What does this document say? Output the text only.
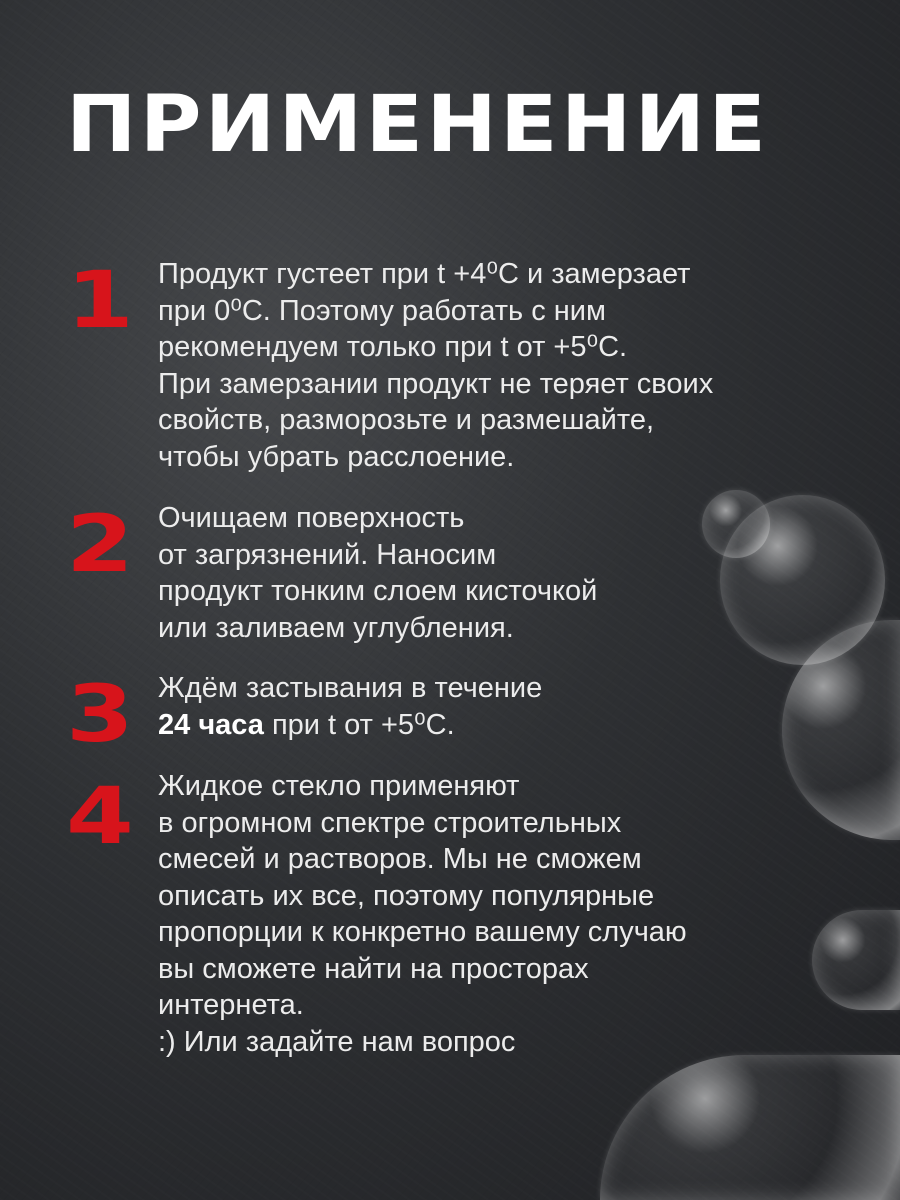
ПРИМЕНЕНИЕ
1 Продукт густеет при t +4⁰С и замерзает
при 0⁰С. Поэтому работать с ним
рекомендуем только при t от +5⁰С.
При замерзании продукт не теряет своих
свойств, разморозьте и размешайте,
чтобы убрать расслоение.
2 Очищаем поверхность
от загрязнений. Наносим
продукт тонким слоем кисточкой
или заливаем углубления.
3 Ждём застывания в течение
24 часа при t от +5⁰С.
4 Жидкое стекло применяют
в огромном спектре строительных
смесей и растворов. Мы не сможем
описать их все, поэтому популярные
пропорции к конкретно вашему случаю
вы сможете найти на просторах
интернета.
:) Или задайте нам вопрос
